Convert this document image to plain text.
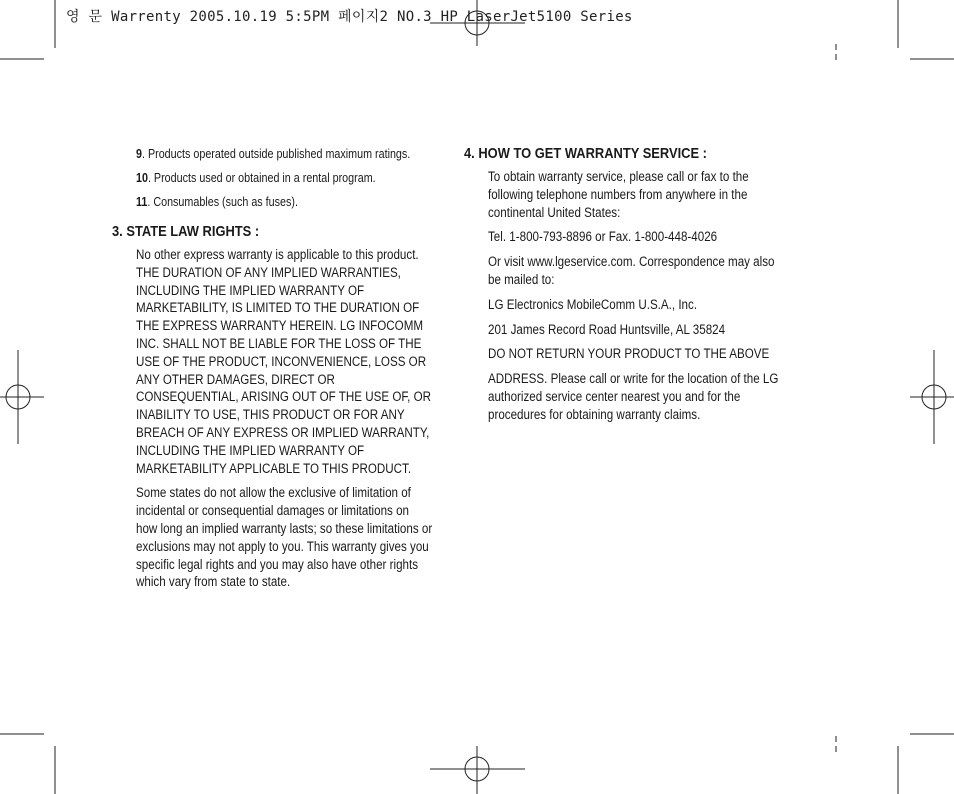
영 문 Warrenty 2005.10.19 5:5PM 페이지2 NO.3 HP LaserJet5100 Series
9. Products operated outside published maximum ratings.
10. Products used or obtained in a rental program.
11. Consumables (such as fuses).
3. STATE LAW RIGHTS :

No other express warranty is applicable to this product. THE DURATION OF ANY IMPLIED WARRANTIES, INCLUDING THE IMPLIED WARRANTY OF MARKETABILITY, IS LIMITED TO THE DURATION OF THE EXPRESS WARRANTY HEREIN. LG INFOCOMM INC. SHALL NOT BE LIABLE FOR THE LOSS OF THE USE OF THE PRODUCT, INCONVENIENCE, LOSS OR ANY OTHER DAMAGES, DIRECT OR CONSEQUENTIAL, ARISING OUT OF THE USE OF, OR INABILITY TO USE, THIS PRODUCT OR FOR ANY BREACH OF ANY EXPRESS OR IMPLIED WARRANTY, INCLUDING THE IMPLIED WARRANTY OF MARKETABILITY APPLICABLE TO THIS PRODUCT.

Some states do not allow the exclusive of limitation of incidental or consequential damages or limitations on how long an implied warranty lasts; so these limitations or exclusions may not apply to you. This warranty gives you specific legal rights and you may also have other rights which vary from state to state.

4. HOW TO GET WARRANTY SERVICE :

To obtain warranty service, please call or fax to the following telephone numbers from anywhere in the continental United States:

Tel. 1-800-793-8896 or Fax. 1-800-448-4026

Or visit www.lgeservice.com. Correspondence may also be mailed to:

LG Electronics MobileComm U.S.A., Inc.

201 James Record Road Huntsville, AL 35824

DO NOT RETURN YOUR PRODUCT TO THE ABOVE

ADDRESS. Please call or write for the location of the LG authorized service center nearest you and for the procedures for obtaining warranty claims.
